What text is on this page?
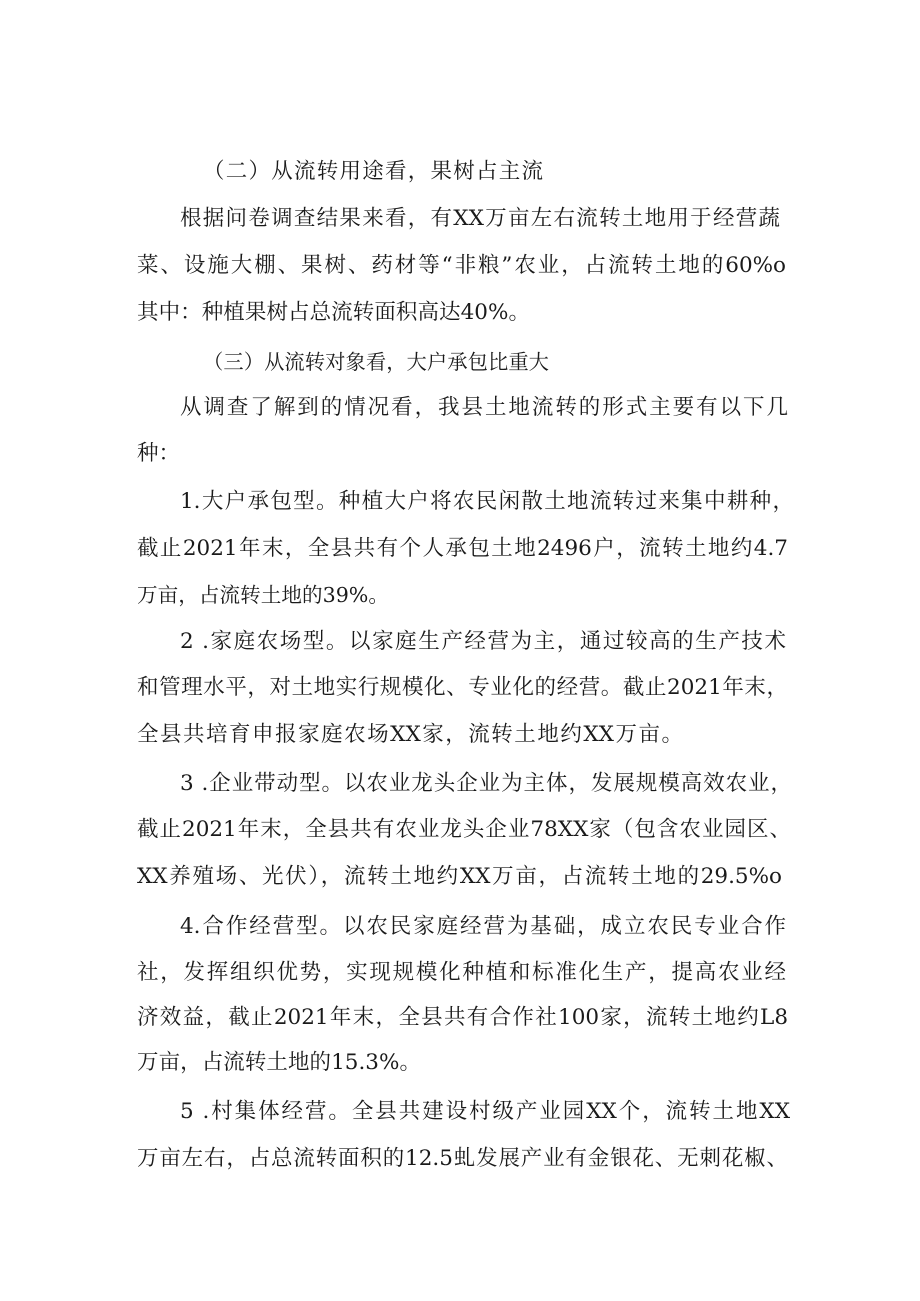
（二）从流转用途看，果树占主流
根据问卷调查结果来看，有XX万亩左右流转土地用于经营蔬
菜、设施大棚、果树、药材等“非粮”农业，占流转土地的60%o
其中：种植果树占总流转面积高达40%。
（三）从流转对象看，大户承包比重大
从调查了解到的情况看，我县土地流转的形式主要有以下几
种：
1.大户承包型。种植大户将农民闲散土地流转过来集中耕种，
截止2021年末，全县共有个人承包土地2496户，流转土地约4.7
万亩，占流转土地的39%。
2 .家庭农场型。以家庭生产经营为主，通过较高的生产技术
和管理水平，对土地实行规模化、专业化的经营。截止2021年末，
全县共培育申报家庭农场XX家，流转土地约XX万亩。
3 .企业带动型。以农业龙头企业为主体，发展规模高效农业，
截止2021年末，全县共有农业龙头企业78XX家（包含农业园区、
XX养殖场、光伏），流转土地约XX万亩，占流转土地的29.5%o
4.合作经营型。以农民家庭经营为基础，成立农民专业合作
社，发挥组织优势，实现规模化种植和标准化生产，提高农业经
济效益，截止2021年末，全县共有合作社100家，流转土地约L8
万亩，占流转土地的15.3%。
5 .村集体经营。全县共建设村级产业园XX个，流转土地XX
万亩左右，占总流转面积的12.5虬发展产业有金银花、无刺花椒、
